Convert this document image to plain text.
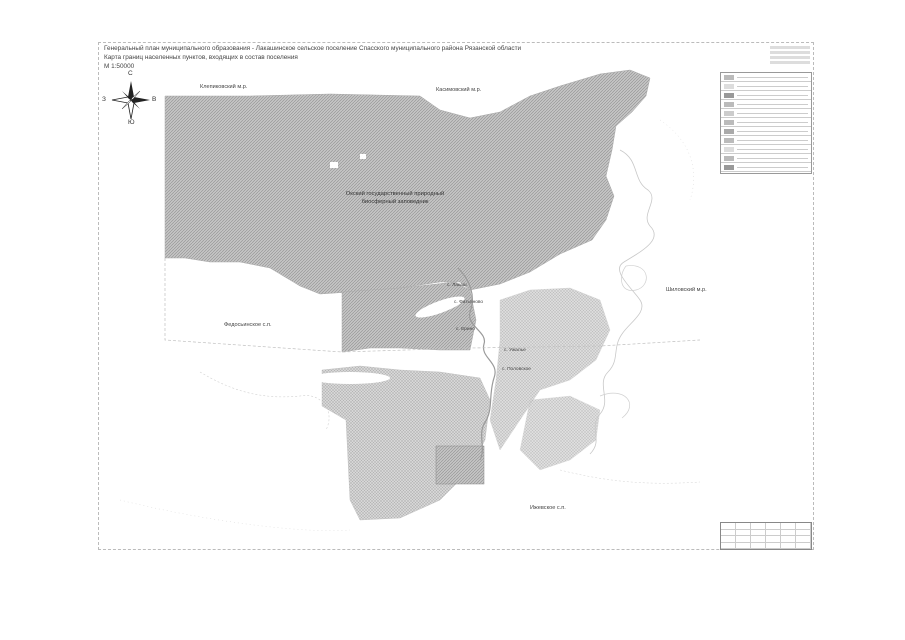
Генеральный план муниципального образования - Лакашинское сельское поселение Спасского муниципального района Рязанской области
Карта границ населенных пунктов, входящих в состав поселения
М 1:50000
С
Ю
З	В
Клепиковский м.р.	Касимовский м.р.
Шиловский м.р.
Федосьинское с.п.
Ижевское с.п.
Окский государственный природный
биосферный заповедник
с. Лакаш
с. Фатьяново
с. Ерино
с. Ужалье
с. Половское
